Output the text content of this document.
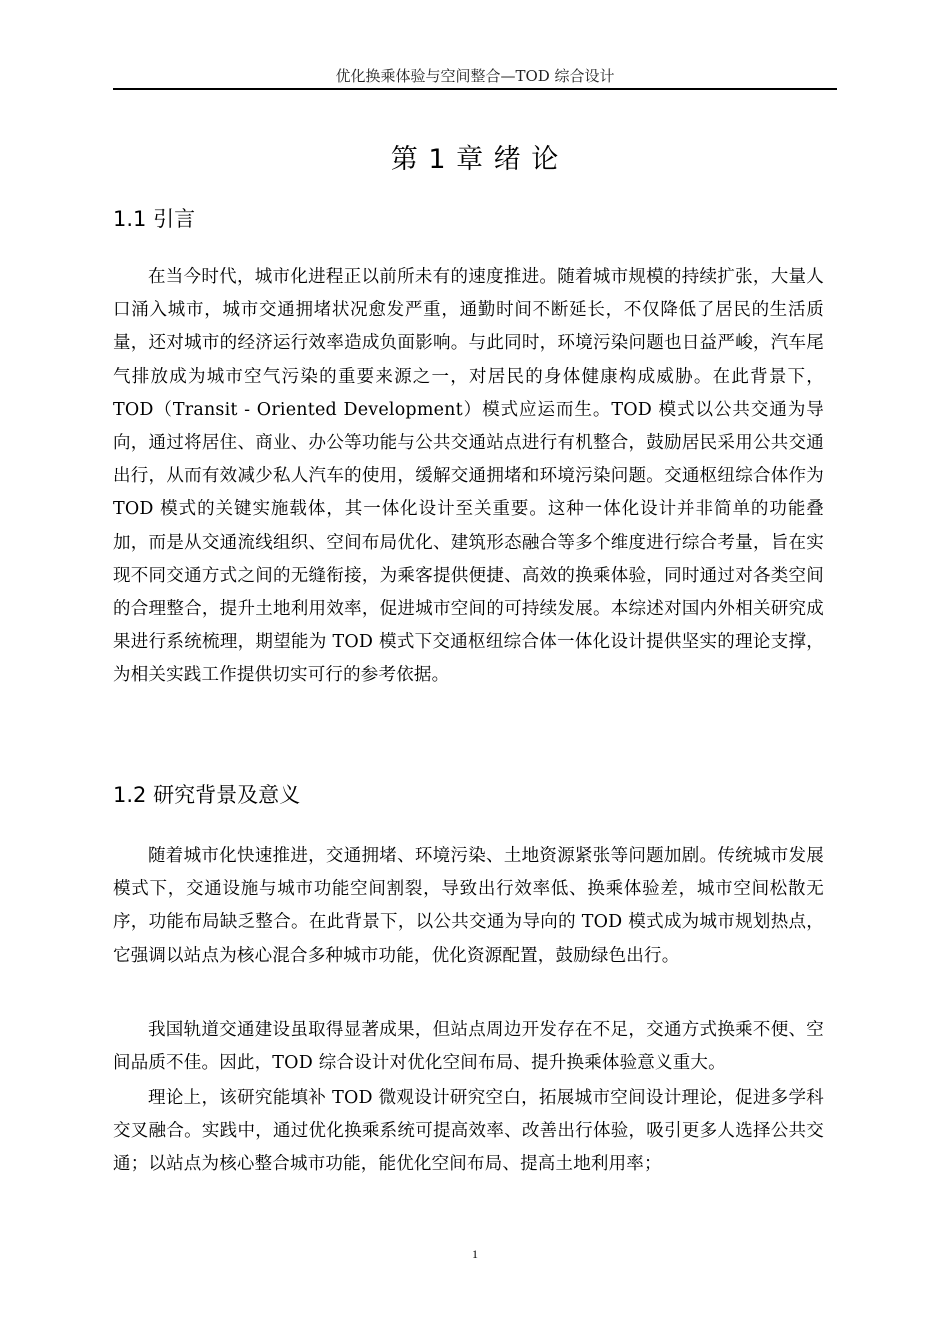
优化换乘体验与空间整合—TOD 综合设计
第 1 章 绪 论
1.1 引言

在当今时代，城市化进程正以前所未有的速度推进。随着城市规模的持续扩张，大量人口涌入城市，城市交通拥堵状况愈发严重，通勤时间不断延长，不仅降低了居民的生活质量，还对城市的经济运行效率造成负面影响。与此同时，环境污染问题也日益严峻，汽车尾气排放成为城市空气污染的重要来源之一，对居民的身体健康构成威胁。在此背景下，TOD（Transit - Oriented Development）模式应运而生。TOD 模式以公共交通为导向，通过将居住、商业、办公等功能与公共交通站点进行有机整合，鼓励居民采用公共交通出行，从而有效减少私人汽车的使用，缓解交通拥堵和环境污染问题。交通枢纽综合体作为 TOD 模式的关键实施载体，其一体化设计至关重要。这种一体化设计并非简单的功能叠加，而是从交通流线组织、空间布局优化、建筑形态融合等多个维度进行综合考量，旨在实现不同交通方式之间的无缝衔接，为乘客提供便捷、高效的换乘体验，同时通过对各类空间的合理整合，提升土地利用效率，促进城市空间的可持续发展。本综述对国内外相关研究成果进行系统梳理，期望能为 TOD 模式下交通枢纽综合体一体化设计提供坚实的理论支撑，为相关实践工作提供切实可行的参考依据。

1.2 研究背景及意义

随着城市化快速推进，交通拥堵、环境污染、土地资源紧张等问题加剧。传统城市发展模式下，交通设施与城市功能空间割裂，导致出行效率低、换乘体验差，城市空间松散无序，功能布局缺乏整合。在此背景下，以公共交通为导向的 TOD 模式成为城市规划热点，它强调以站点为核心混合多种城市功能，优化资源配置，鼓励绿色出行。

我国轨道交通建设虽取得显著成果，但站点周边开发存在不足，交通方式换乘不便、空间品质不佳。因此，TOD 综合设计对优化空间布局、提升换乘体验意义重大。

理论上，该研究能填补 TOD 微观设计研究空白，拓展城市空间设计理论，促进多学科交叉融合。实践中，通过优化换乘系统可提高效率、改善出行体验，吸引更多人选择公共交通；以站点为核心整合城市功能，能优化空间布局、提高土地利用率；

1
